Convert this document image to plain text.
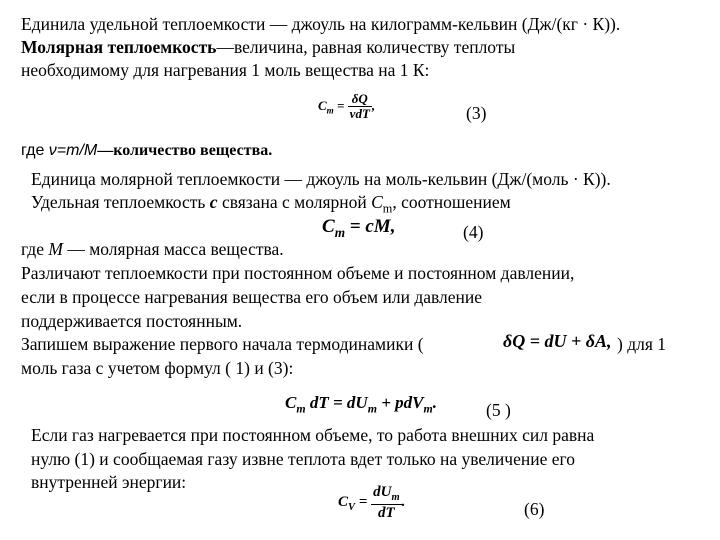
Единила удельной теплоемкости — джоуль на килограмм-кельвин (Дж/(кг · К)).
Молярная теплоемкость—величина, равная количеству теплоты
необходимому для нагревания 1 моль вещества на 1 К:
$C_m = \frac{\delta Q}{\text{νdT}}$ ,	(3)
где ν=m/M—количество вещества.
Единица молярной теплоемкости — джоуль на моль-кельвин (Дж/(моль · К)).
Удельная теплоемкость с связана с молярной $C_m$, соотношением
$C_m$ = cM,	(4)
где М — молярная масса вещества.
Различают теплоемкости при постоянном объеме и постоянном давлении,
если в процессе нагревания вещества его объем или давление
поддерживается постоянным.
Запишем выражение первого начала термодинамики (	δQ = dU + δA, ) для 1
моль газа с учетом формул ( 1) и (3):
$C_m$ dT = $dU_m + pdV_m$.	(5 )
Если газ нагревается при постоянном объеме, то работа внешних сил равна
нулю (1) и сообщаемая газу извне теплота вдет только на увеличение его
внутренней энергии:
$C_V = \frac{dU_m}{dT}$ .	(6)
